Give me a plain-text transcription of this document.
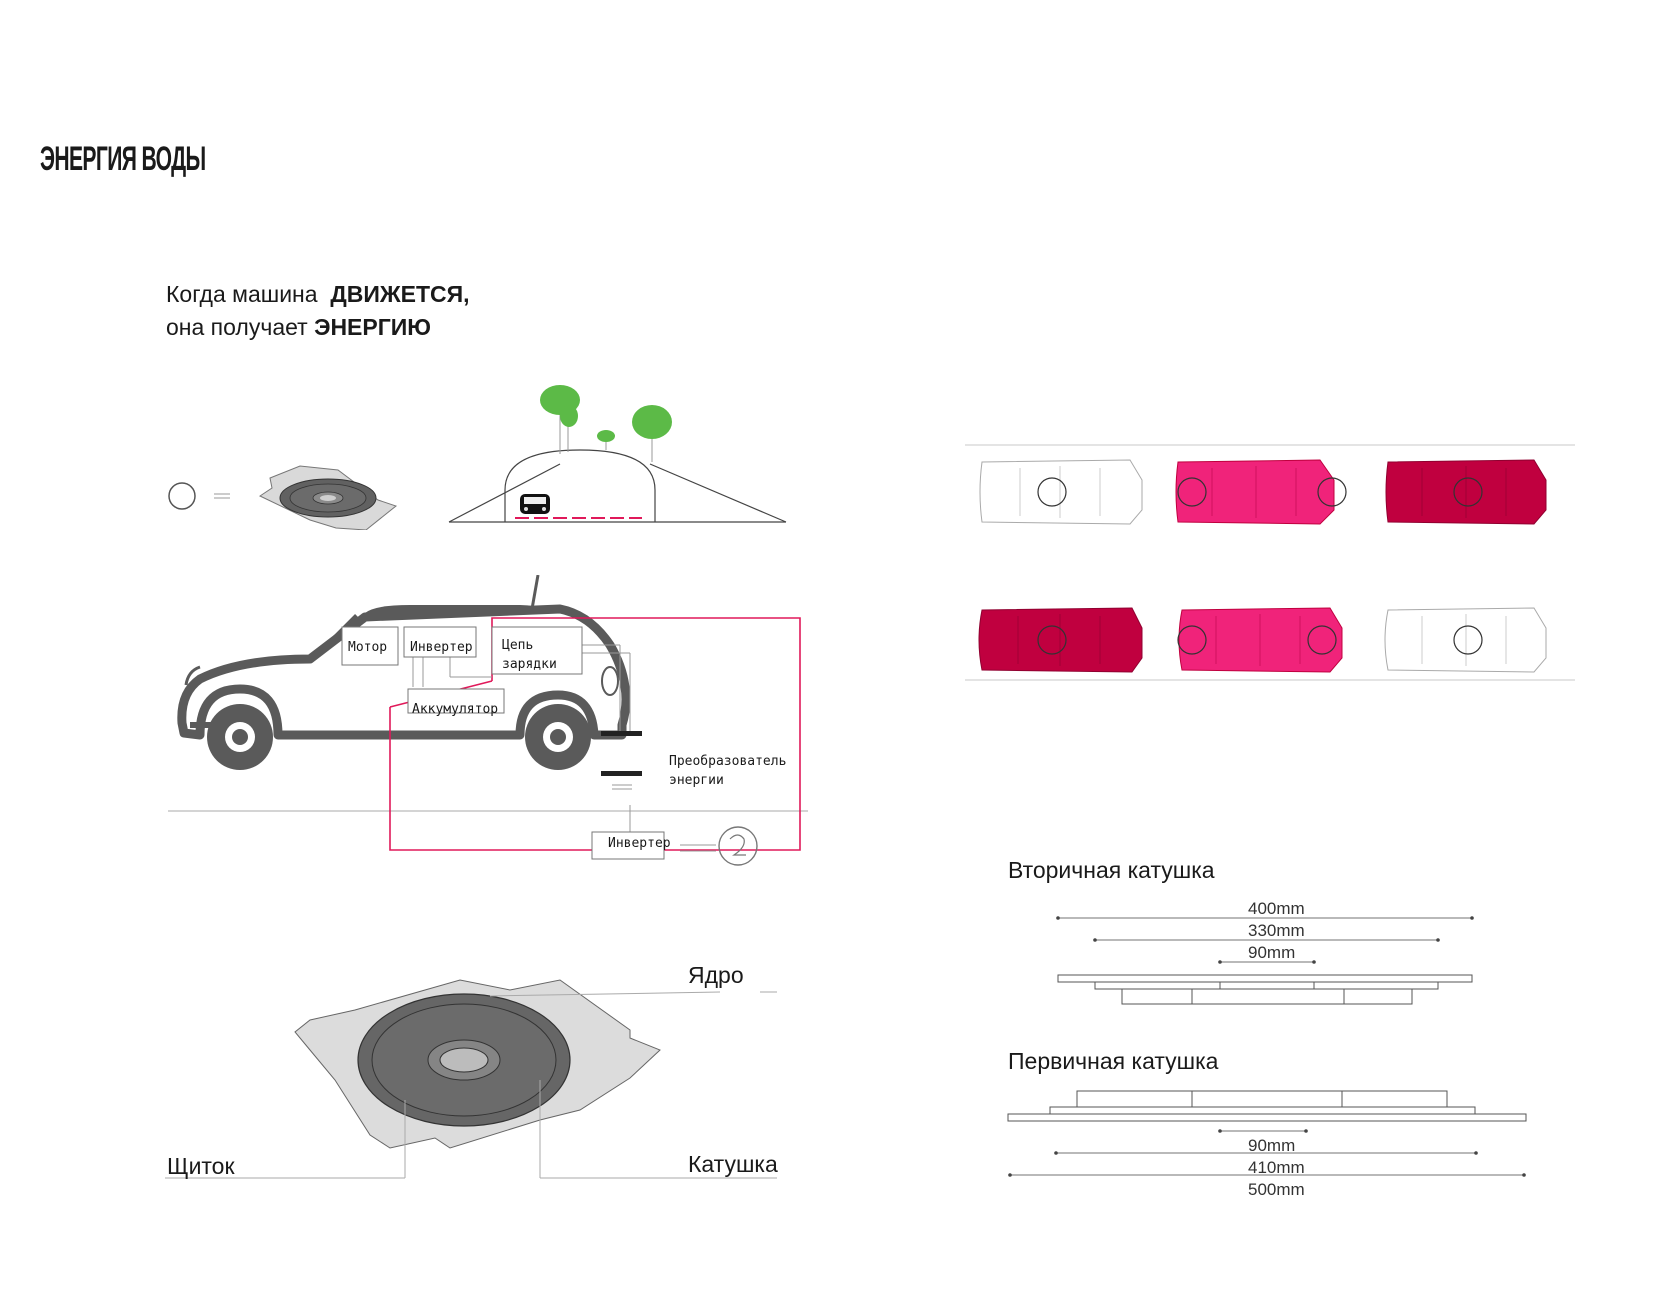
ЭНЕРГИЯ ВОДЫ
Когда машина ДВИЖЕТСЯ,
она получает ЭНЕРГИЮ
Мотор Инвертер Цепь
зарядки
Аккумулятор
Преобразователь
энергии
Инвертер
Ядро
Щиток	Катушка
Вторичная катушка
400mm
330mm
90mm
Первичная катушка
90mm
410mm
500mm
